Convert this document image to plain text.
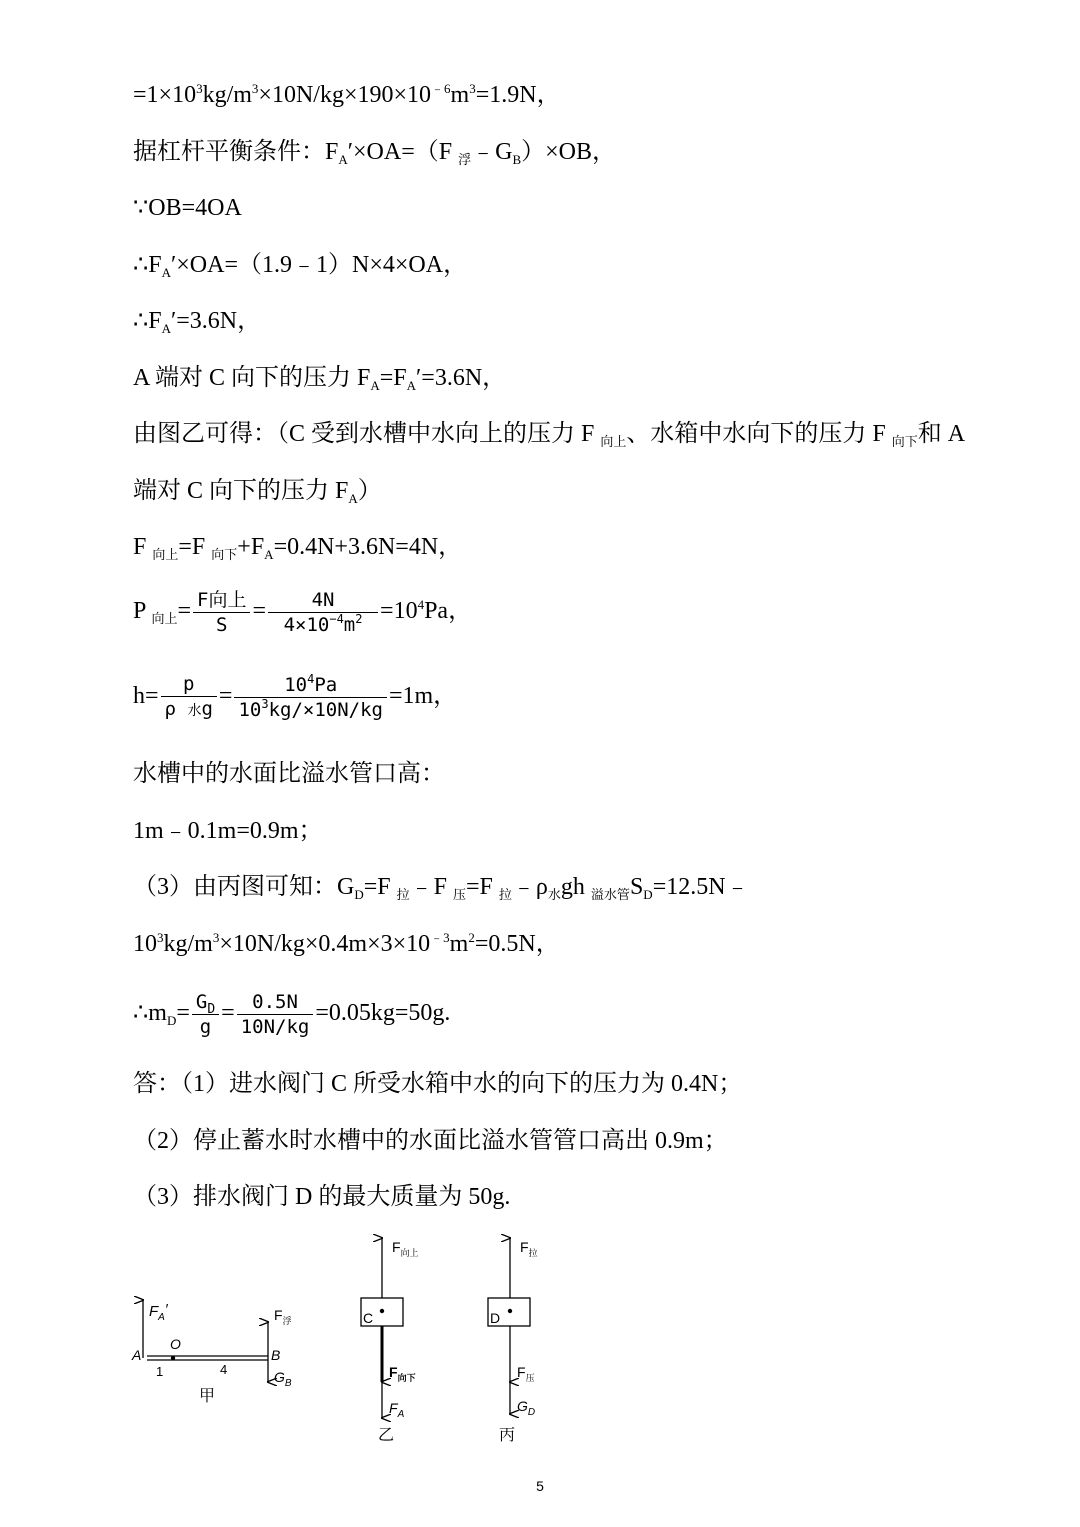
$=1\times 10^3kg/m^3\times 10N/kg\times 190\times 10^{﹣6}m^3=1.9N$，
据杠杆平衡条件：$F_A'\times OA=(F$ $_浮﹣G_B)\times OB$，
∵OB=4OA
$\therefore F_A'\times OA=(1.9﹣1)N\times 4\times OA$，
$\therefore F_A'=3.6N$，
A 端对 C 向下的压力 $F_A=F_A'=3.6N$，
由图乙可得：（C 受到水槽中水向上的压力 F $_{向上}$、水箱中水向下的压力 F $_{向下}$和 A
端对 C 向下的压力 $F_A$）
F $_{向上}$=F $_{向下}+F_A=0.4N+3.6N=4N$，
P $_{向上}= \frac{\text{F向上}}{S} = \frac{4N}{4\times 10^{-4}m^2} =10^4Pa$，
$h= \frac{p}{\text{ρ 水g}} = \frac{10^4Pa}{10^3kg/\times 10N/kg} =1m$，
水槽中的水面比溢水管口高：
1m﹣0.1m=0.9m；
（3）由丙图可知：$G_D=F$ $_拉$﹣F $_压$=F $_拉﹣\rho_水gh$ $_{溢水管}S_D=12.5N﹣$
$10^3kg/m^3\times 10N/kg\times 0.4m\times 3\times 10^{﹣3}m^2=0.5N$，
$\therefore m_D= \frac{G_D}{g} = \frac{0.5N}{10N/kg} =0.05kg=50g$.
答：（1）进水阀门 C 所受水箱中水的向下的压力为 0.4N；
（2）停止蓄水时水槽中的水面比溢水管管口高出 0.9m；
（3）排水阀门 D 的最大质量为 50g.
$F_A'$
O
A	B
1	4
$F_浮$
$G_B$
甲
C
$F_{向上}$
$F_{向下}$
$F_A$
乙
D
$F_拉$
$F_压$
$G_D$
丙
5
